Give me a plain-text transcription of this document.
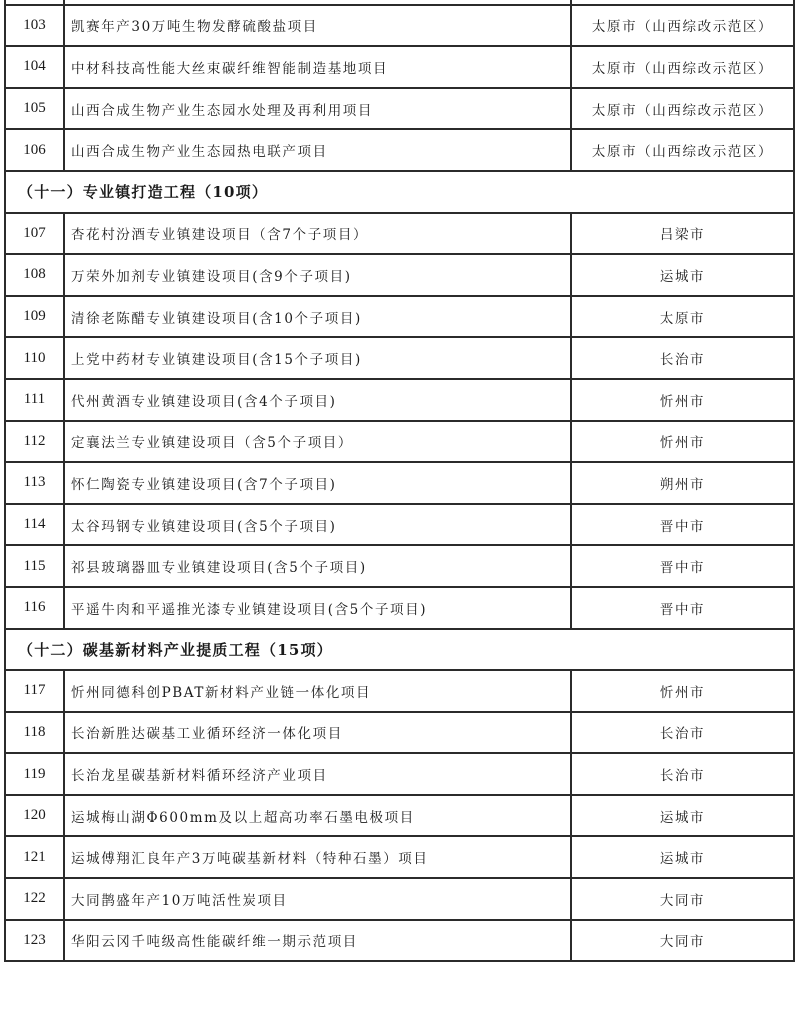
103	凯赛年产30万吨生物发酵硫酸盐项目	太原市（山西综改示范区）
104	中材科技高性能大丝束碳纤维智能制造基地项目	太原市（山西综改示范区）
105	山西合成生物产业生态园水处理及再利用项目	太原市（山西综改示范区）
106	山西合成生物产业生态园热电联产项目	太原市（山西综改示范区）
（十一）专业镇打造工程（10项）		
107	杏花村汾酒专业镇建设项目（含7个子项目）	吕梁市
108	万荣外加剂专业镇建设项目(含9个子项目)	运城市
109	清徐老陈醋专业镇建设项目(含10个子项目)	太原市
110	上党中药材专业镇建设项目(含15个子项目)	长治市
111	代州黄酒专业镇建设项目(含4个子项目)	忻州市
112	定襄法兰专业镇建设项目（含5个子项目）	忻州市
113	怀仁陶瓷专业镇建设项目(含7个子项目)	朔州市
114	太谷玛钢专业镇建设项目(含5个子项目)	晋中市
115	祁县玻璃器皿专业镇建设项目(含5个子项目)	晋中市
116	平遥牛肉和平遥推光漆专业镇建设项目(含5个子项目)	晋中市
（十二）碳基新材料产业提质工程（15项）		
117	忻州同德科创PBAT新材料产业链一体化项目	忻州市
118	长治新胜达碳基工业循环经济一体化项目	长治市
119	长治龙星碳基新材料循环经济产业项目	长治市
120	运城梅山湖Φ600mm及以上超高功率石墨电极项目	运城市
121	运城傅翔汇良年产3万吨碳基新材料（特种石墨）项目	运城市
122	大同鹊盛年产10万吨活性炭项目	大同市
123	华阳云冈千吨级高性能碳纤维一期示范项目	大同市
